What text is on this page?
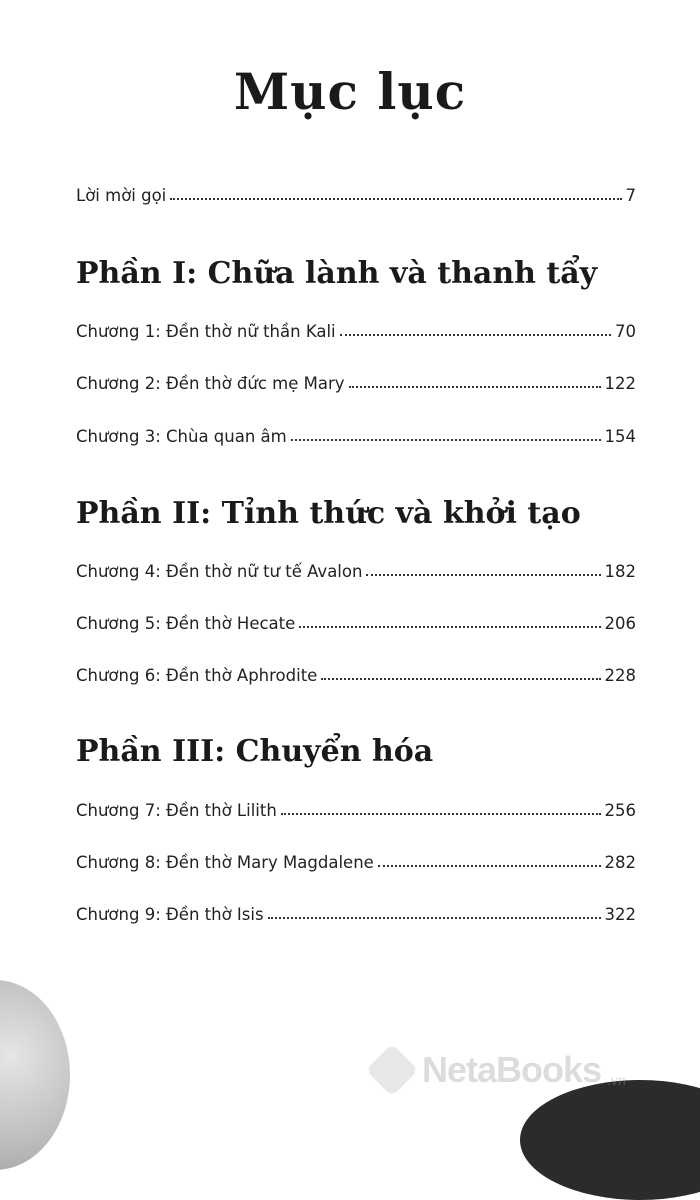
Mục lục
Lời mời gọi	7
Phần I: Chữa lành và thanh tẩy
Chương 1: Đền thờ nữ thần Kali	70
Chương 2: Đền thờ đức mẹ Mary	122
Chương 3: Chùa quan âm	154
Phần II: Tỉnh thức và khởi tạo
Chương 4: Đền thờ nữ tư tế Avalon	182
Chương 5: Đền thờ Hecate	206
Chương 6: Đền thờ Aphrodite	228
Phần III: Chuyển hóa
Chương 7: Đền thờ Lilith	256
Chương 8: Đền thờ Mary Magdalene	282
Chương 9: Đền thờ Isis	322
NetaBooks .vn
